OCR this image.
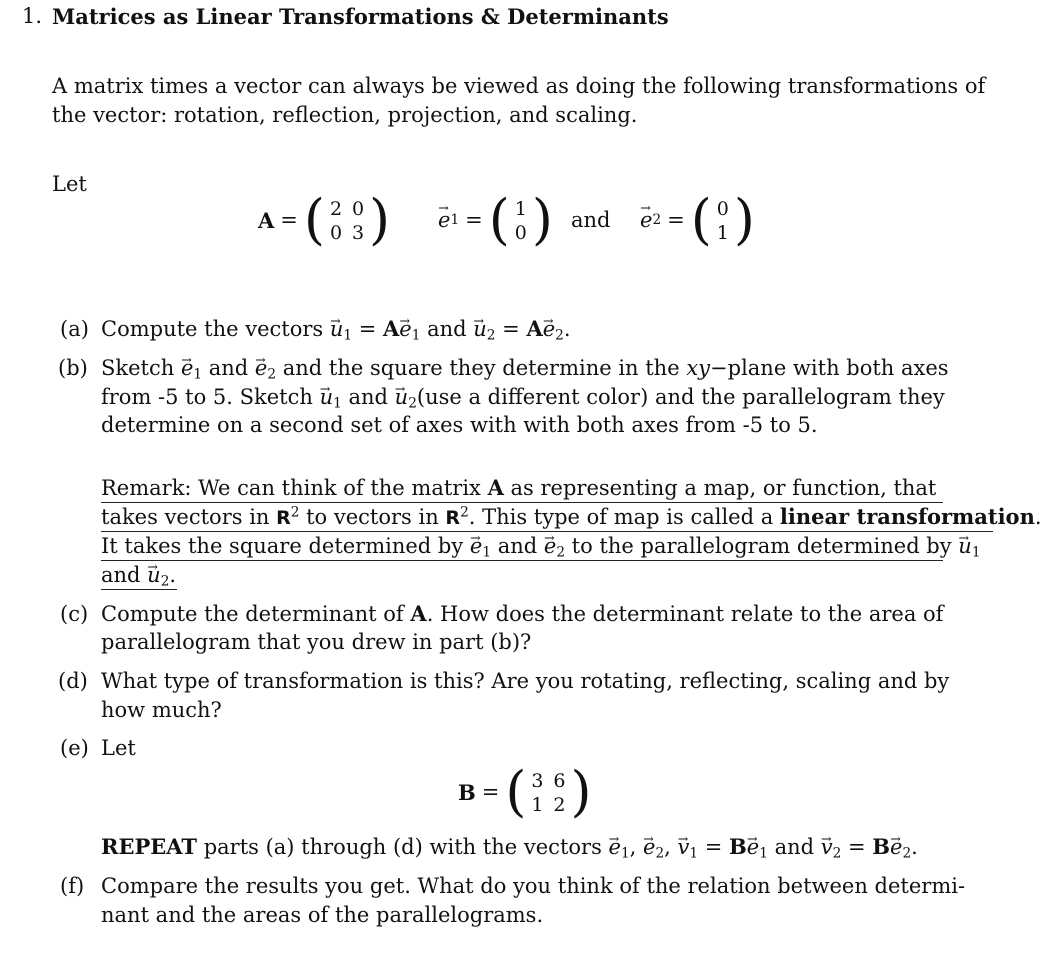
1. Matrices as Linear Transformations & Determinants
A matrix times a vector can always be viewed as doing the following transformations of
the vector: rotation, reflection, projection, and scaling.
Let
A = ( 2 0
0 3 ) → e 1 = ( 1
0 ) and → e 2 = ( 0
1 )
(a) Compute the vectors → $u_1 = A\to e_1$ and → $u_2 = A\to e_2$.
(b) Sketch → $e_1$ and → $e_2$ and the square they determine in the xy−plane with both axes
from -5 to 5. Sketch → $u_1$ and → $u_2(use$ a different color) and the parallelogram they
determine on a second set of axes with with both axes from -5 to 5.
Remark: We can think of the matrix A as representing a map, or function, that
takes vectors in $R^2$ to vectors in $R^2$. This type of map is called a linear transformation.
It takes the square determined by → $e_1$ and → $e_2$ to the parallelogram determined by → $u_1$
and → $u_2$.
(c) Compute the determinant of A. How does the determinant relate to the area of
parallelogram that you drew in part (b)?
(d) What type of transformation is this? Are you rotating, reflecting, scaling and by
how much?
(e) Let
B = ( 3 6
1 2 )
REPEAT parts (a) through (d) with the vectors → $e_1$, → $e_2$, → $v_1 = B\to e_1$ and → $v_2 = B\to e_2$.
(f) Compare the results you get. What do you think of the relation between determi-
nant and the areas of the parallelograms.
